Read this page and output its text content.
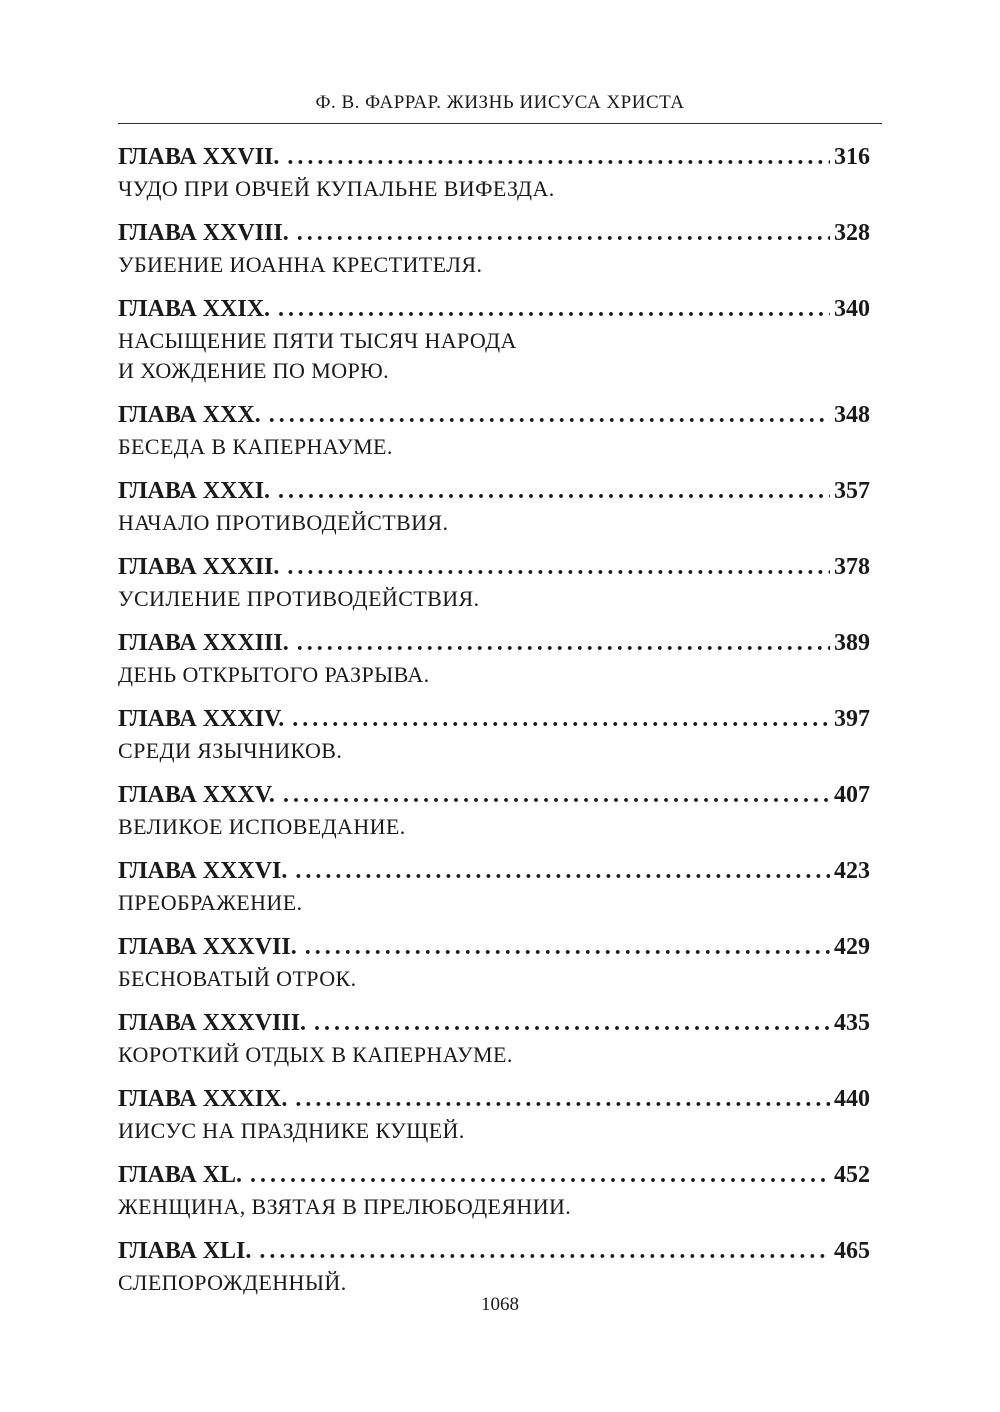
Ф. В. ФАРРАР. ЖИЗНЬ ИИСУСА ХРИСТА
ГЛАВА XXVII. .....	316
ЧУДО ПРИ ОВЧЕЙ КУПАЛЬНЕ ВИФЕЗДА.
ГЛАВА XXVIII. .....	328
УБИЕНИЕ ИОАННА КРЕСТИТЕЛЯ.
ГЛАВА XXIX. .....	340
НАСЫЩЕНИЕ ПЯТИ ТЫСЯЧ НАРОДА
И ХОЖДЕНИЕ ПО МОРЮ.
ГЛАВА XXX. .....	348
БЕСЕДА В КАПЕРНАУМЕ.
ГЛАВА XXXI. .....	357
НАЧАЛО ПРОТИВОДЕЙСТВИЯ.
ГЛАВА XXXII. .....	378
УСИЛЕНИЕ ПРОТИВОДЕЙСТВИЯ.
ГЛАВА XXXIII. .....	389
ДЕНЬ ОТКРЫТОГО РАЗРЫВА.
ГЛАВА XXXIV. .....	397
СРЕДИ ЯЗЫЧНИКОВ.
ГЛАВА XXXV. .....	407
ВЕЛИКОЕ ИСПОВЕДАНИЕ.
ГЛАВА XXXVI. .....	423
ПРЕОБРАЖЕНИЕ.
ГЛАВА XXXVII. .....	429
БЕСНОВАТЫЙ ОТРОК.
ГЛАВА XXXVIII. .....	435
КОРОТКИЙ ОТДЫХ В КАПЕРНАУМЕ.
ГЛАВА XXXIX. .....	440
ИИСУС НА ПРАЗДНИКЕ КУЩЕЙ.
ГЛАВА XL. .....	452
ЖЕНЩИНА, ВЗЯТАЯ В ПРЕЛЮБОДЕЯНИИ.
ГЛАВА XLI. .....	465
СЛЕПОРОЖДЕННЫЙ.
1068
